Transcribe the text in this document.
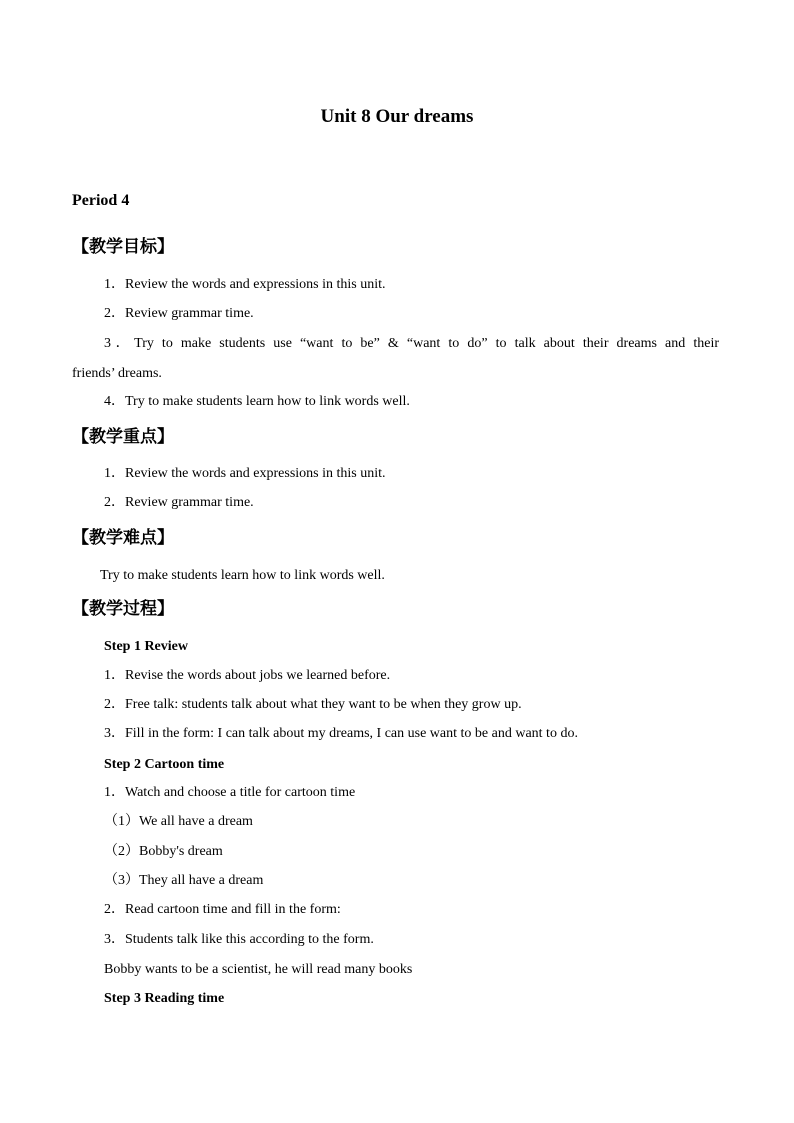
Unit 8 Our dreams
Period 4
【教学目标】
1．Review the words and expressions in this unit.
2．Review grammar time.
3．Try to make students use “want to be” & “want to do” to talk about their dreams and their
friends’ dreams.
4．Try to make students learn how to link words well.
【教学重点】
1．Review the words and expressions in this unit.
2．Review grammar time.
【教学难点】
Try to make students learn how to link words well.
【教学过程】
Step 1 Review
1．Revise the words about jobs we learned before.
2．Free talk: students talk about what they want to be when they grow up.
3．Fill in the form: I can talk about my dreams, I can use want to be and want to do.
Step 2 Cartoon time
1．Watch and choose a title for cartoon time
（1）We all have a dream
（2）Bobby's dream
（3）They all have a dream
2．Read cartoon time and fill in the form:
3．Students talk like this according to the form.
Bobby wants to be a scientist, he will read many books
Step 3 Reading time
